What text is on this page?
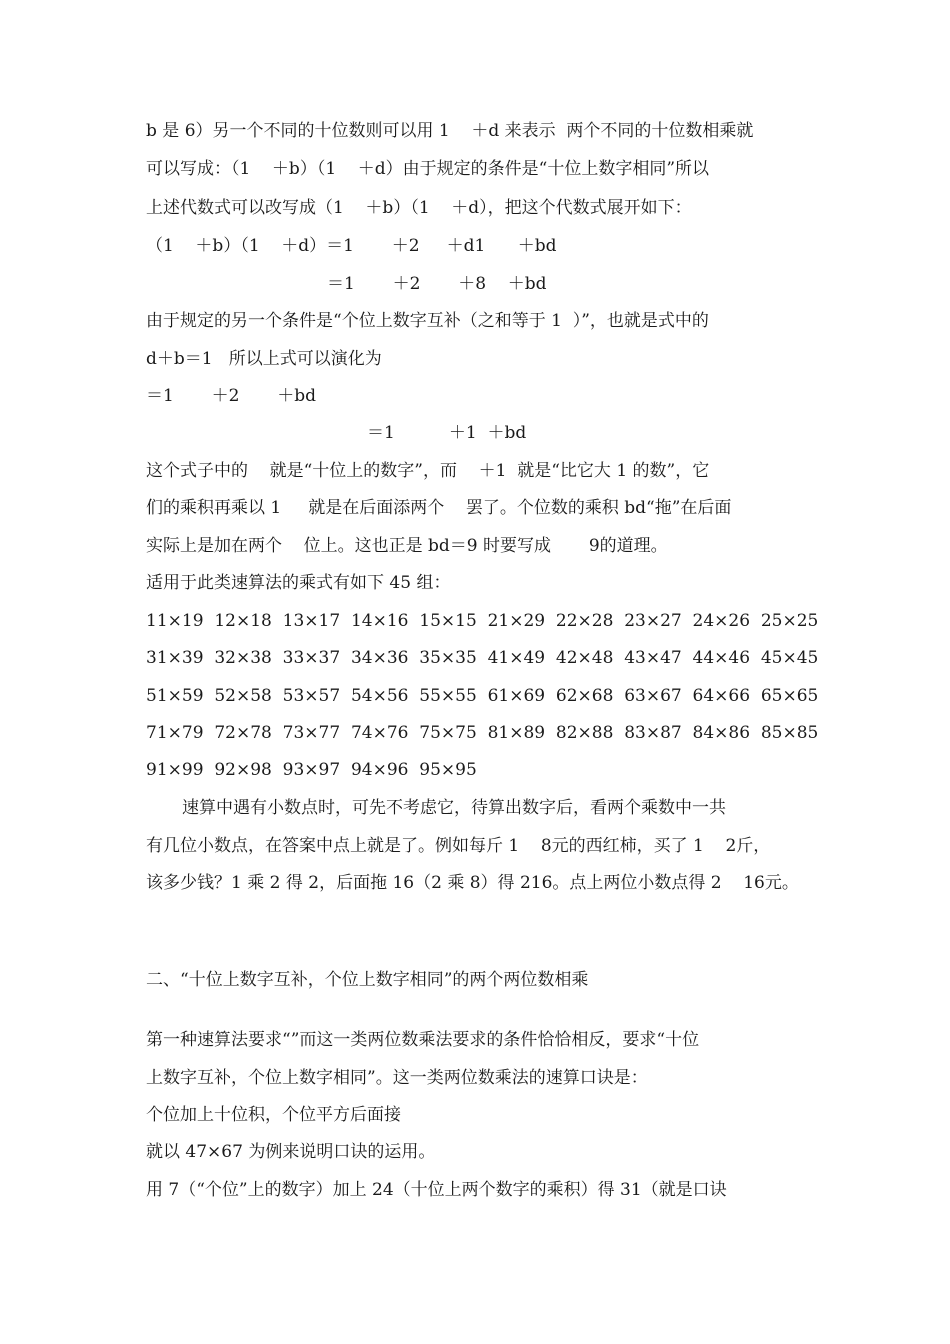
b 是 6）另一个不同的十位数则可以用 1    ＋d 来表示  两个不同的十位数相乘就
可以写成：（1    ＋b）（1    ＋d）由于规定的条件是“十位上数字相同”所以
上述代数式可以改写成（1    ＋b）（1    ＋d），把这个代数式展开如下：
（1    ＋b）（1    ＋d）＝1       ＋2     ＋d1      ＋bd
＝1       ＋2       ＋8    ＋bd
由于规定的另一个条件是“个位上数字互补（之和等于 1  ）”，也就是式中的
d＋b＝1   所以上式可以演化为
＝1       ＋2       ＋bd
＝1          ＋1  ＋bd
这个式子中的    就是“十位上的数字”，而    ＋1  就是“比它大 1 的数”，它
们的乘积再乘以 1     就是在后面添两个    罢了。个位数的乘积 bd“拖”在后面
实际上是加在两个    位上。这也正是 bd＝9 时要写成       9的道理。
适用于此类速算法的乘式有如下 45 组：
11×19  12×18  13×17  14×16  15×15  21×29  22×28  23×27  24×26  25×25
31×39  32×38  33×37  34×36  35×35  41×49  42×48  43×47  44×46  45×45
51×59  52×58  53×57  54×56  55×55  61×69  62×68  63×67  64×66  65×65
71×79  72×78  73×77  74×76  75×75  81×89  82×88  83×87  84×86  85×85
91×99  92×98  93×97  94×96  95×95
速算中遇有小数点时，可先不考虑它，待算出数字后，看两个乘数中一共
有几位小数点，在答案中点上就是了。例如每斤 1    8元的西红柿，买了 1    2斤，
该多少钱？1 乘 2 得 2，后面拖 16（2 乘 8）得 216。点上两位小数点得 2    16元。
二、“十位上数字互补，个位上数字相同”的两个两位数相乘
第一种速算法要求“”而这一类两位数乘法要求的条件恰恰相反，要求“十位
上数字互补，个位上数字相同”。这一类两位数乘法的速算口诀是：
个位加上十位积，个位平方后面接
就以 47×67 为例来说明口诀的运用。
用 7（“个位”上的数字）加上 24（十位上两个数字的乘积）得 31（就是口诀
